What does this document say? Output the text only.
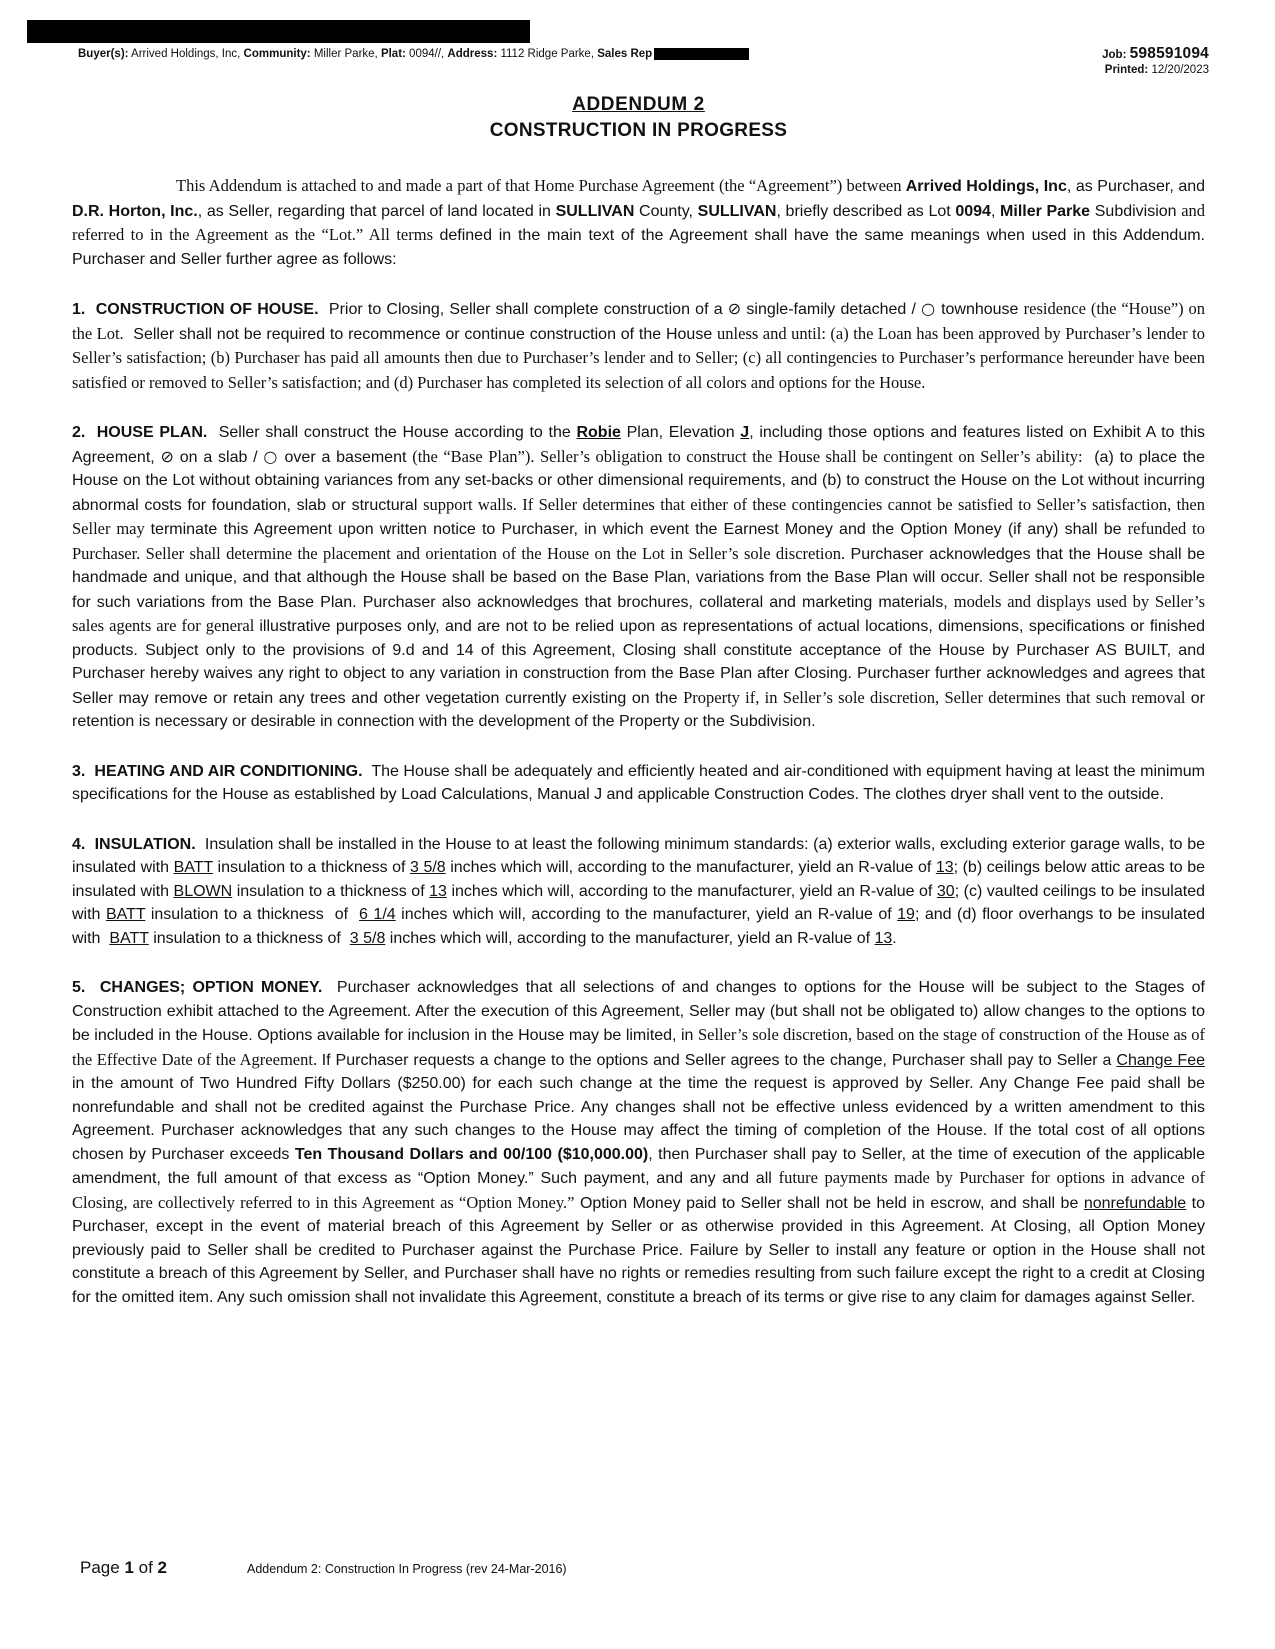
Buyer(s): Arrived Holdings, Inc, Community: Miller Parke, Plat: 0094//, Address: 1112 Ridge Parke, Sales Rep	Job: 598591094
Printed: 12/20/2023
ADDENDUM 2
CONSTRUCTION IN PROGRESS
This Addendum is attached to and made a part of that Home Purchase Agreement (the “Agreement”) between Arrived Holdings, Inc, as Purchaser, and D.R. Horton, Inc., as Seller, regarding that parcel of land located in SULLIVAN County, SULLIVAN, briefly described as Lot 0094, Miller Parke Subdivision and referred to in the Agreement as the “Lot.” All terms defined in the main text of the Agreement shall have the same meanings when used in this Addendum. Purchaser and Seller further agree as follows:
1.  CONSTRUCTION OF HOUSE.  Prior to Closing, Seller shall complete construction of a ⊘ single-family detached / ○ townhouse residence (the “House”) on the Lot.  Seller shall not be required to recommence or continue construction of the House unless and until: (a) the Loan has been approved by Purchaser’s lender to Seller’s satisfaction; (b) Purchaser has paid all amounts then due to Purchaser’s lender and to Seller; (c) all contingencies to Purchaser’s performance hereunder have been satisfied or removed to Seller’s satisfaction; and (d) Purchaser has completed its selection of all colors and options for the House.
2.  HOUSE PLAN.  Seller shall construct the House according to the Robie Plan, Elevation J, including those options and features listed on Exhibit A to this Agreement, ⊘ on a slab / ○ over a basement (the “Base Plan”). Seller’s obligation to construct the House shall be contingent on Seller’s ability:  (a) to place the House on the Lot without obtaining variances from any set-backs or other dimensional requirements, and (b) to construct the House on the Lot without incurring abnormal costs for foundation, slab or structural support walls. If Seller determines that either of these contingencies cannot be satisfied to Seller’s satisfaction, then Seller may terminate this Agreement upon written notice to Purchaser, in which event the Earnest Money and the Option Money (if any) shall be refunded to Purchaser. Seller shall determine the placement and orientation of the House on the Lot in Seller’s sole discretion. Purchaser acknowledges that the House shall be handmade and unique, and that although the House shall be based on the Base Plan, variations from the Base Plan will occur. Seller shall not be responsible for such variations from the Base Plan. Purchaser also acknowledges that brochures, collateral and marketing materials, models and displays used by Seller’s sales agents are for general illustrative purposes only, and are not to be relied upon as representations of actual locations, dimensions, specifications or finished products. Subject only to the provisions of 9.d and 14 of this Agreement, Closing shall constitute acceptance of the House by Purchaser AS BUILT, and Purchaser hereby waives any right to object to any variation in construction from the Base Plan after Closing. Purchaser further acknowledges and agrees that Seller may remove or retain any trees and other vegetation currently existing on the Property if, in Seller’s sole discretion, Seller determines that such removal or retention is necessary or desirable in connection with the development of the Property or the Subdivision.
3.  HEATING AND AIR CONDITIONING.  The House shall be adequately and efficiently heated and air-conditioned with equipment having at least the minimum specifications for the House as established by Load Calculations, Manual J and applicable Construction Codes. The clothes dryer shall vent to the outside.
4.  INSULATION.  Insulation shall be installed in the House to at least the following minimum standards: (a) exterior walls, excluding exterior garage walls, to be insulated with BATT insulation to a thickness of 3 5/8 inches which will, according to the manufacturer, yield an R-value of 13; (b) ceilings below attic areas to be insulated with BLOWN insulation to a thickness of 13 inches which will, according to the manufacturer, yield an R-value of 30; (c) vaulted ceilings to be insulated with BATT insulation to a thickness  of  6 1/4 inches which will, according to the manufacturer, yield an R-value of 19; and (d) floor overhangs to be insulated with  BATT insulation to a thickness of  3 5/8 inches which will, according to the manufacturer, yield an R-value of 13.
5.  CHANGES; OPTION MONEY.  Purchaser acknowledges that all selections of and changes to options for the House will be subject to the Stages of Construction exhibit attached to the Agreement. After the execution of this Agreement, Seller may (but shall not be obligated to) allow changes to the options to be included in the House. Options available for inclusion in the House may be limited, in Seller’s sole discretion, based on the stage of construction of the House as of the Effective Date of the Agreement. If Purchaser requests a change to the options and Seller agrees to the change, Purchaser shall pay to Seller a Change Fee in the amount of Two Hundred Fifty Dollars ($250.00) for each such change at the time the request is approved by Seller. Any Change Fee paid shall be nonrefundable and shall not be credited against the Purchase Price. Any changes shall not be effective unless evidenced by a written amendment to this Agreement. Purchaser acknowledges that any such changes to the House may affect the timing of completion of the House. If the total cost of all options chosen by Purchaser exceeds Ten Thousand Dollars and 00/100 ($10,000.00), then Purchaser shall pay to Seller, at the time of execution of the applicable amendment, the full amount of that excess as “Option Money.” Such payment, and any and all future payments made by Purchaser for options in advance of Closing, are collectively referred to in this Agreement as “Option Money.” Option Money paid to Seller shall not be held in escrow, and shall be nonrefundable to Purchaser, except in the event of material breach of this Agreement by Seller or as otherwise provided in this Agreement. At Closing, all Option Money previously paid to Seller shall be credited to Purchaser against the Purchase Price. Failure by Seller to install any feature or option in the House shall not constitute a breach of this Agreement by Seller, and Purchaser shall have no rights or remedies resulting from such failure except the right to a credit at Closing for the omitted item. Any such omission shall not invalidate this Agreement, constitute a breach of its terms or give rise to any claim for damages against Seller.
Page 1 of 2	Addendum 2: Construction In Progress (rev 24-Mar-2016)
